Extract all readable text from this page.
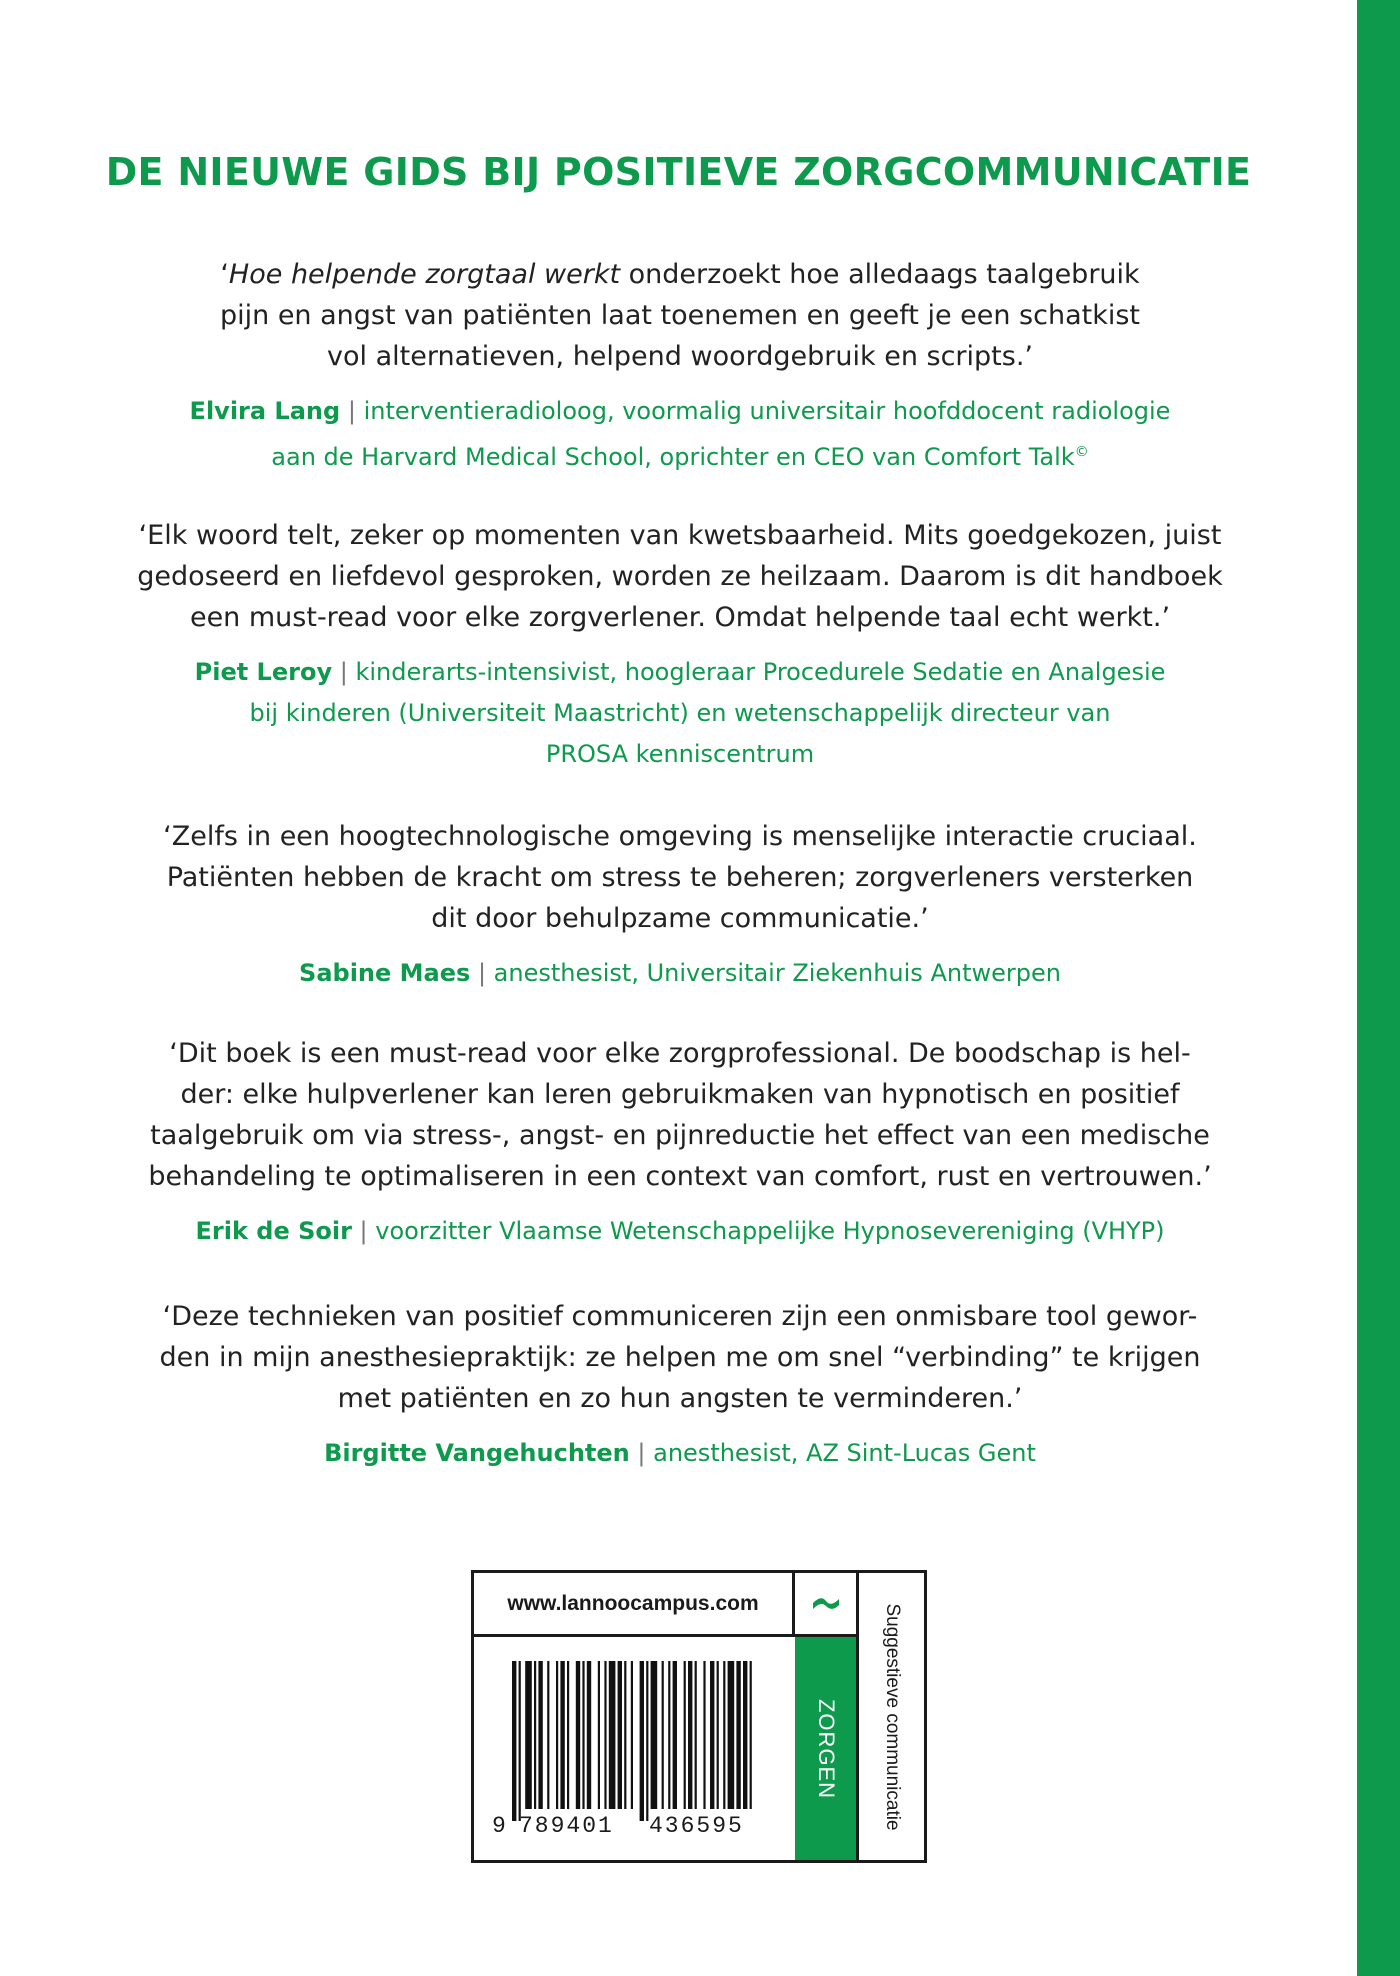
DE NIEUWE GIDS BIJ POSITIEVE ZORGCOMMUNICATIE
‘Hoe helpende zorgtaal werkt onderzoekt hoe alledaags taalgebruik
pijn en angst van patiënten laat toenemen en geeft je een schatkist
vol alternatieven, helpend woordgebruik en scripts.’
Elvira Lang | interventieradioloog, voormalig universitair hoofddocent radiologie
aan de Harvard Medical School, oprichter en CEO van Comfort Talk©
‘Elk woord telt, zeker op momenten van kwetsbaarheid. Mits goedgekozen, juist
gedoseerd en liefdevol gesproken, worden ze heilzaam. Daarom is dit handboek
een must-read voor elke zorgverlener. Omdat helpende taal echt werkt.’
Piet Leroy | kinderarts-intensivist, hoogleraar Procedurele Sedatie en Analgesie
bij kinderen (Universiteit Maastricht) en wetenschappelijk directeur van
PROSA kenniscentrum
‘Zelfs in een hoogtechnologische omgeving is menselijke interactie cruciaal.
Patiënten hebben de kracht om stress te beheren; zorgverleners versterken
dit door behulpzame communicatie.’
Sabine Maes | anesthesist, Universitair Ziekenhuis Antwerpen
‘Dit boek is een must-read voor elke zorgprofessional. De boodschap is hel-
der: elke hulpverlener kan leren gebruikmaken van hypnotisch en positief
taalgebruik om via stress-, angst- en pijnreductie het effect van een medische
behandeling te optimaliseren in een context van comfort, rust en vertrouwen.’
Erik de Soir | voorzitter Vlaamse Wetenschappelijke Hypnosevereniging (VHYP)
‘Deze technieken van positief communiceren zijn een onmisbare tool gewor-
den in mijn anesthesiepraktijk: ze helpen me om snel “verbinding” te krijgen
met patiënten en zo hun angsten te verminderen.’
Birgitte Vangehuchten | anesthesist, AZ Sint-Lucas Gent
www.lannoocampus.com
ZORGEN Suggestieve communicatie
9 789401 436595
